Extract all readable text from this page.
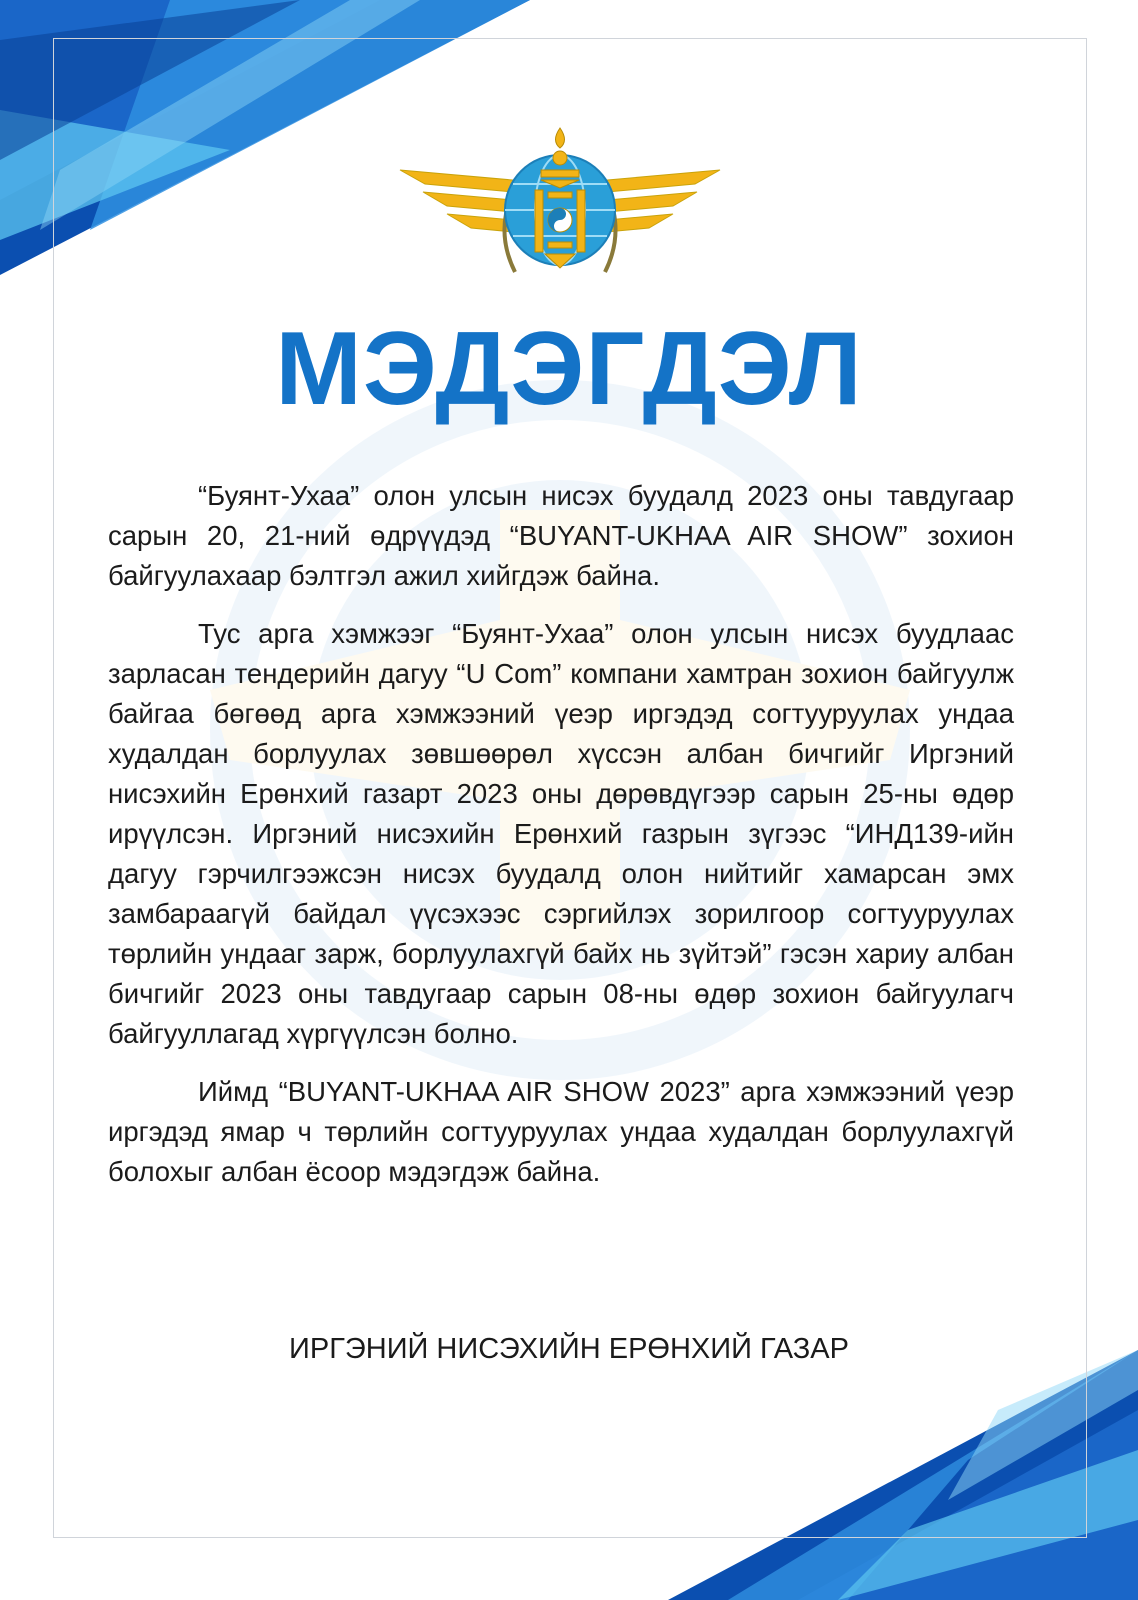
МЭДЭГДЭЛ

“Буянт-Ухаа” олон улсын нисэх буудалд 2023 оны тавдугаар сарын 20, 21-ний өдрүүдэд “BUYANT-UKHAA AIR SHOW” зохион байгуулахаар бэлтгэл ажил хийгдэж байна.

Тус арга хэмжээг “Буянт-Ухаа” олон улсын нисэх буудлаас зарласан тендерийн дагуу “U Com” компани хамтран зохион байгуулж байгаа бөгөөд арга хэмжээний үеэр иргэдэд согтууруулах ундаа худалдан борлуулах зөвшөөрөл хүссэн албан бичгийг Иргэний нисэхийн Ерөнхий газарт 2023 оны дөрөвдүгээр сарын 25-ны өдөр ирүүлсэн. Иргэний нисэхийн Ерөнхий газрын зүгээс “ИНД139-ийн дагуу гэрчилгээжсэн нисэх буудалд олон нийтийг хамарсан эмх замбараагүй байдал үүсэхээс сэргийлэх зорилгоор согтууруулах төрлийн ундааг зарж, борлуулахгүй байх нь зүйтэй” гэсэн хариу албан бичгийг 2023 оны тавдугаар сарын 08-ны өдөр зохион байгуулагч байгууллагад хүргүүлсэн болно.

Иймд “BUYANT-UKHAA AIR SHOW 2023” арга хэмжээний үеэр иргэдэд ямар ч төрлийн согтууруулах ундаа худалдан борлуулахгүй болохыг албан ёсоор мэдэгдэж байна.

ИРГЭНИЙ НИСЭХИЙН ЕРӨНХИЙ ГАЗАР
